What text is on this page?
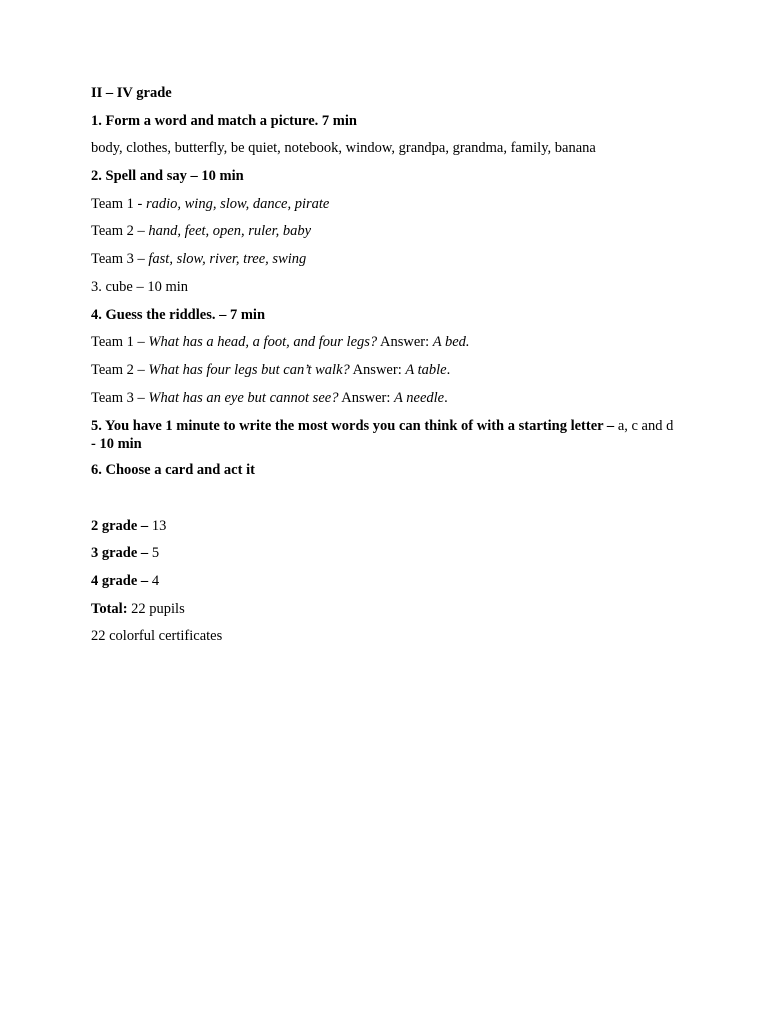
II – IV grade
1. Form a word and match a picture. 7 min
body, clothes, butterfly, be quiet, notebook, window, grandpa, grandma, family, banana
2. Spell and say – 10 min
Team 1 - radio, wing, slow, dance, pirate
Team 2 – hand, feet, open, ruler, baby
Team 3 – fast, slow, river, tree, swing
3. cube – 10 min
4. Guess the riddles. – 7 min
Team 1 – What has a head, a foot, and four legs? Answer: A bed.
Team 2 – What has four legs but can’t walk? Answer: A table.
Team 3 – What has an eye but cannot see? Answer: A needle.
5. You have 1 minute to write the most words you can think of with a starting letter – a, c and d - 10 min
6. Choose a card and act it
2 grade – 13
3 grade – 5
4 grade – 4
Total: 22 pupils
22 colorful certificates
